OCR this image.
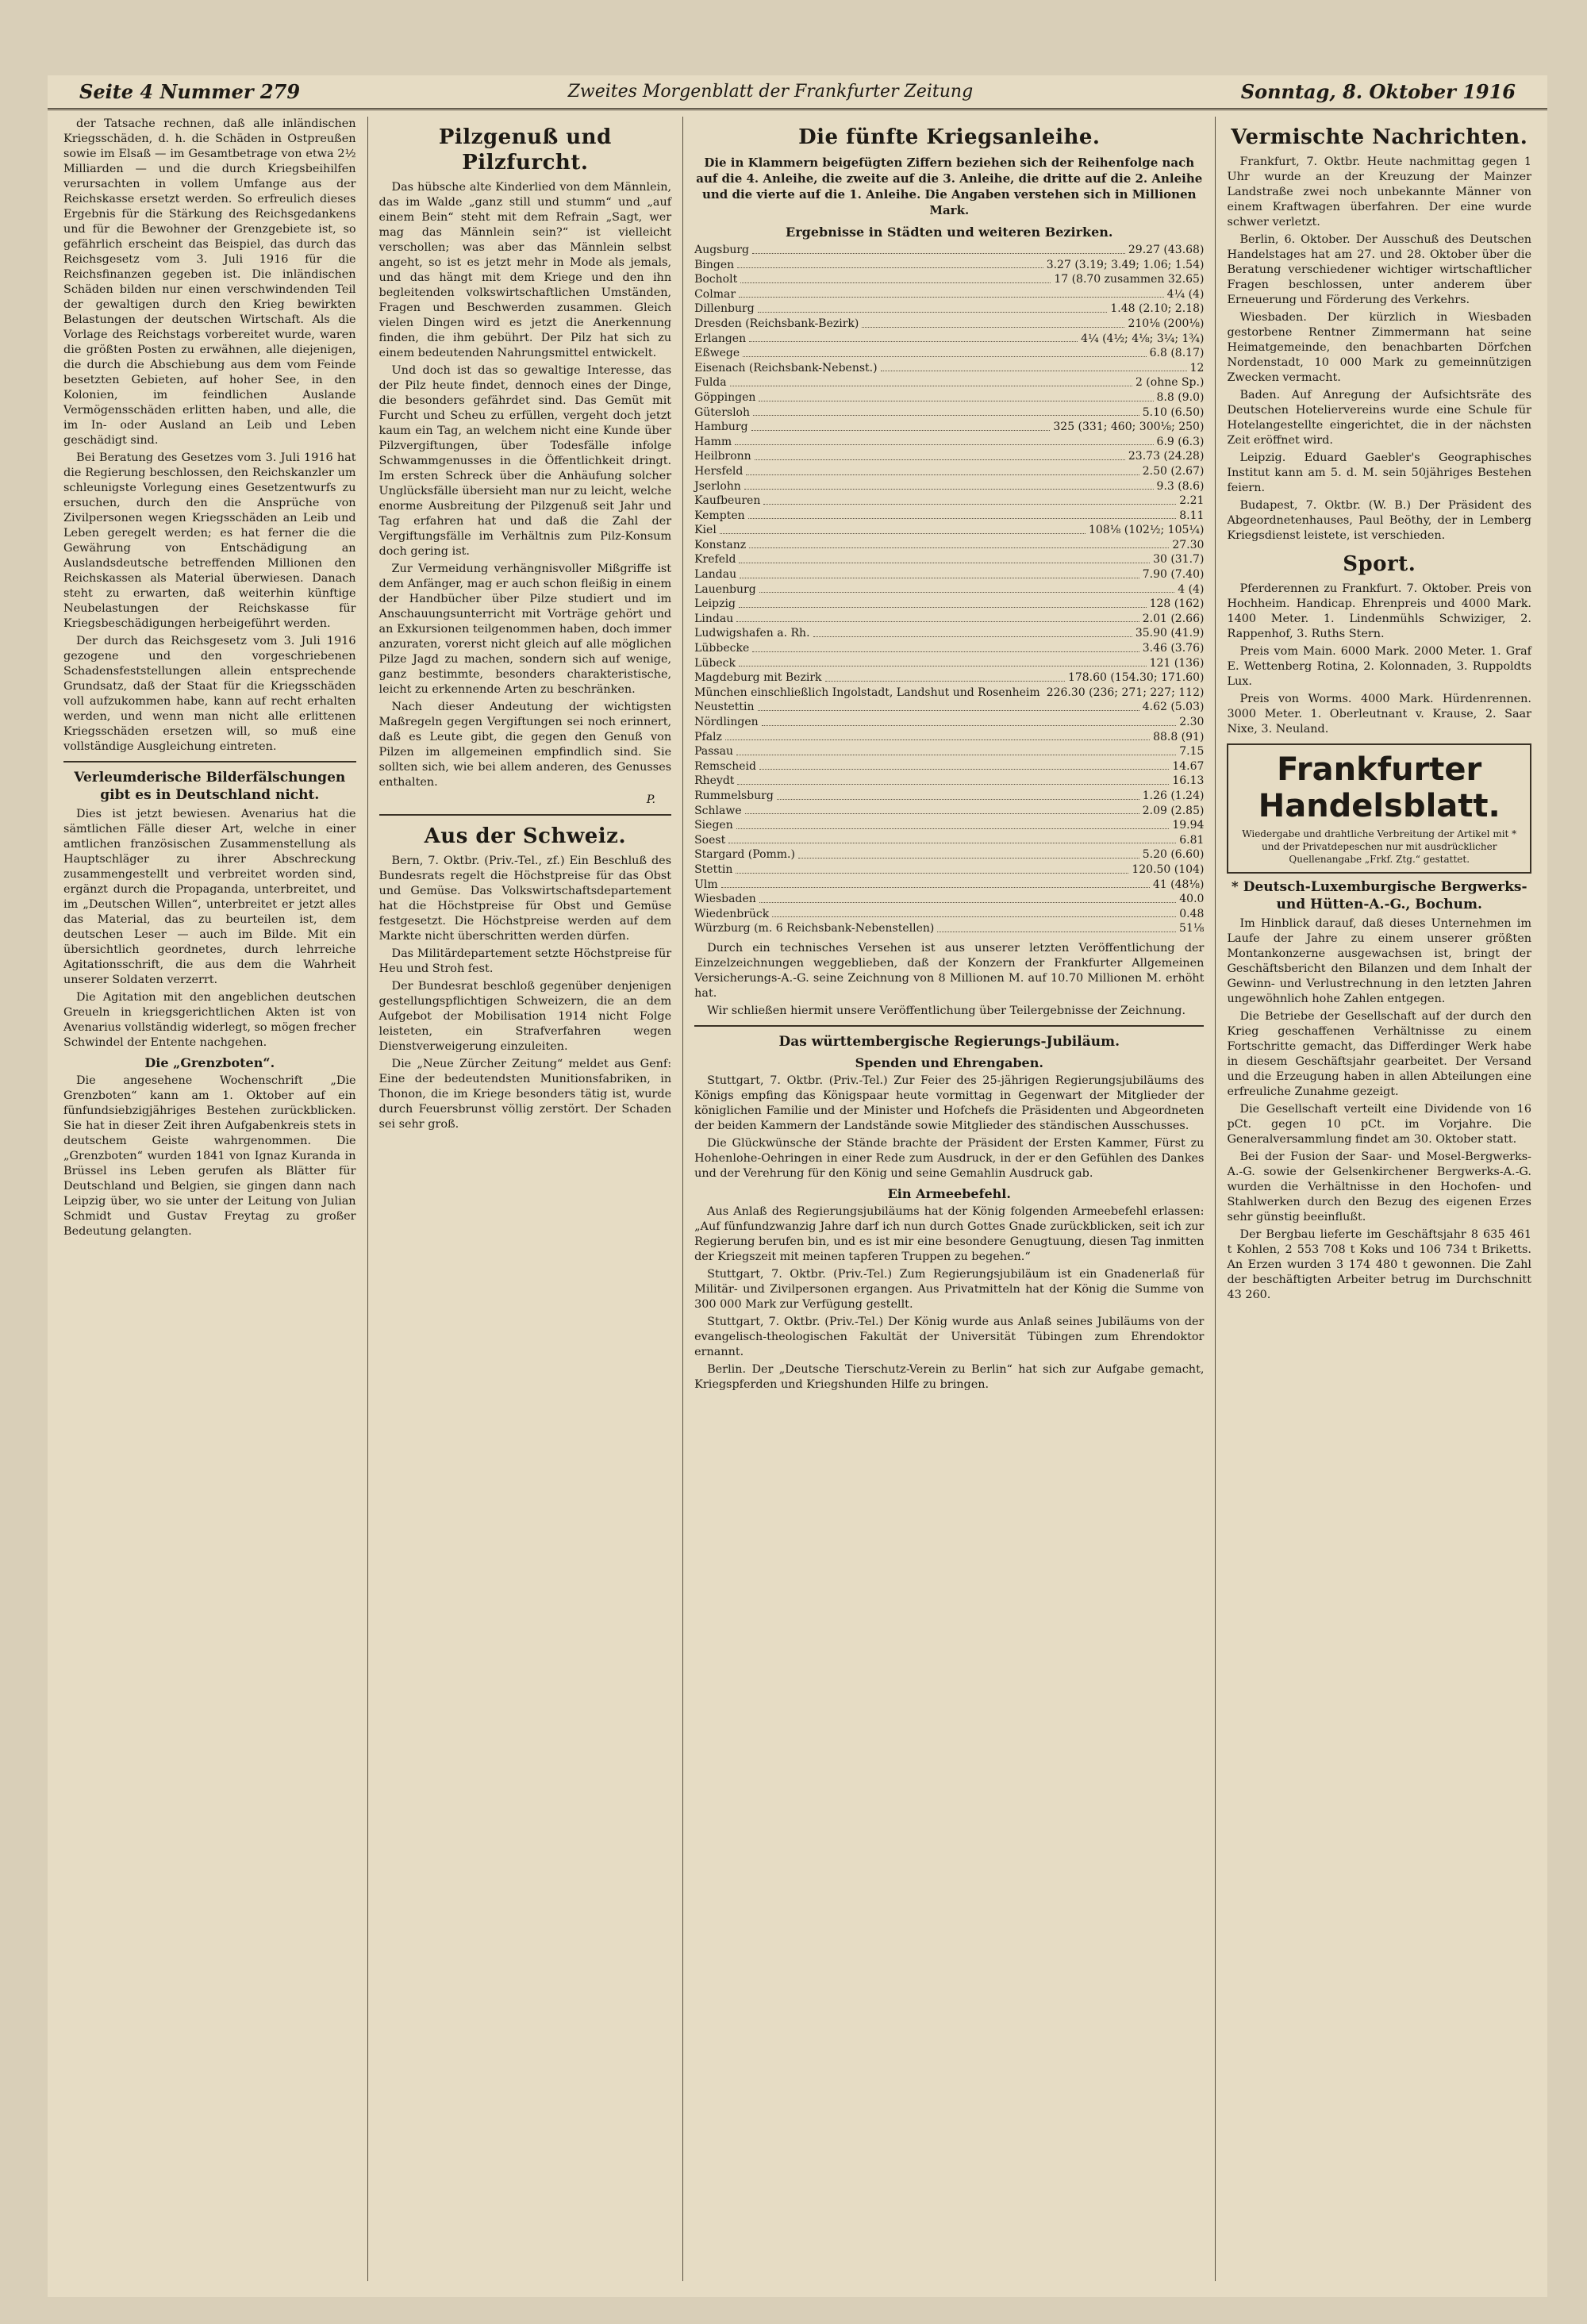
Seite 4 Nummer 279	Zweites Morgenblatt der Frankfurter Zeitung	Sonntag, 8. Oktober 1916

der Tatsache rechnen, daß alle inländischen Kriegsschäden, d. h. die Schäden in Ostpreußen sowie im Elsaß — im Gesamtbetrage von etwa 2½ Milliarden — und die durch Kriegsbeihilfen verursachten in vollem Umfange aus der Reichskasse ersetzt werden. So erfreulich dieses Ergebnis für die Stärkung des Reichsgedankens und für die Bewohner der Grenzgebiete ist, so gefährlich erscheint das Beispiel, das durch das Reichsgesetz vom 3. Juli 1916 für die Reichsfinanzen gegeben ist. Die inländischen Schäden bilden nur einen verschwindenden Teil der gewaltigen durch den Krieg bewirkten Belastungen der deutschen Wirtschaft. Als die Vorlage des Reichstags vorbereitet wurde, waren die größten Posten zu erwähnen, alle diejenigen, die durch die Abschiebung aus dem vom Feinde besetzten Gebieten, auf hoher See, in den Kolonien, im feindlichen Auslande Vermögensschäden erlitten haben, und alle, die im In- oder Ausland an Leib und Leben geschädigt sind.

Bei Beratung des Gesetzes vom 3. Juli 1916 hat die Regierung beschlossen, den Reichskanzler um schleunigste Vorlegung eines Gesetzentwurfs zu ersuchen, durch den die Ansprüche von Zivilpersonen wegen Kriegsschäden an Leib und Leben geregelt werden; es hat ferner die die Gewährung von Entschädigung an Auslandsdeutsche betreffenden Millionen den Reichskassen als Material überwiesen. Danach steht zu erwarten, daß weiterhin künftige Neubelastungen der Reichskasse für Kriegsbeschädigungen herbeigeführt werden.

Der durch das Reichsgesetz vom 3. Juli 1916 gezogene und den vorgeschriebenen Schadensfeststellungen allein entsprechende Grundsatz, daß der Staat für die Kriegsschäden voll aufzukommen habe, kann auf recht erhalten werden, und wenn man nicht alle erlittenen Kriegsschäden ersetzen will, so muß eine vollständige Ausgleichung eintreten.

Verleumderische Bilderfälschungen gibt es in Deutschland nicht.

Dies ist jetzt bewiesen. Avenarius hat die sämtlichen Fälle dieser Art, welche in einer amtlichen französischen Zusammenstellung als Hauptschläger zu ihrer Abschreckung zusammengestellt und verbreitet worden sind, ergänzt durch die Propaganda, unterbreitet, und im „Deutschen Willen“, unterbreitet er jetzt alles das Material, das zu beurteilen ist, dem deutschen Leser — auch im Bilde. Mit ein übersichtlich geordnetes, durch lehrreiche Agitationsschrift, die aus dem die Wahrheit unserer Soldaten verzerrt.

Die Agitation mit den angeblichen deutschen Greueln in kriegsgerichtlichen Akten ist von Avenarius vollständig widerlegt, so mögen frecher Schwindel der Entente nachgehen.

Die „Grenzboten“.

Die angesehene Wochenschrift „Die Grenzboten“ kann am 1. Oktober auf ein fünfundsiebzigjähriges Bestehen zurückblicken. Sie hat in dieser Zeit ihren Aufgabenkreis stets in deutschem Geiste wahrgenommen. Die „Grenzboten“ wurden 1841 von Ignaz Kuranda in Brüssel ins Leben gerufen als Blätter für Deutschland und Belgien, sie gingen dann nach Leipzig über, wo sie unter der Leitung von Julian Schmidt und Gustav Freytag zu großer Bedeutung gelangten.

Pilzgenuß und Pilzfurcht.

Das hübsche alte Kinderlied von dem Männlein, das im Walde „ganz still und stumm“ und „auf einem Bein“ steht mit dem Refrain „Sagt, wer mag das Männlein sein?“ ist vielleicht verschollen; was aber das Männlein selbst angeht, so ist es jetzt mehr in Mode als jemals, und das hängt mit dem Kriege und den ihn begleitenden volkswirtschaftlichen Umständen, Fragen und Beschwerden zusammen. Gleich vielen Dingen wird es jetzt die Anerkennung finden, die ihm gebührt. Der Pilz hat sich zu einem bedeutenden Nahrungsmittel entwickelt.

Und doch ist das so gewaltige Interesse, das der Pilz heute findet, dennoch eines der Dinge, die besonders gefährdet sind. Das Gemüt mit Furcht und Scheu zu erfüllen, vergeht doch jetzt kaum ein Tag, an welchem nicht eine Kunde über Pilzvergiftungen, über Todesfälle infolge Schwammgenusses in die Öffentlichkeit dringt. Im ersten Schreck über die Anhäufung solcher Unglücksfälle übersieht man nur zu leicht, welche enorme Ausbreitung der Pilzgenuß seit Jahr und Tag erfahren hat und daß die Zahl der Vergiftungsfälle im Verhältnis zum Pilz-Konsum doch gering ist.

Zur Vermeidung verhängnisvoller Mißgriffe ist dem Anfänger, mag er auch schon fleißig in einem der Handbücher über Pilze studiert und im Anschauungsunterricht mit Vorträge gehört und an Exkursionen teilgenommen haben, doch immer anzuraten, vorerst nicht gleich auf alle möglichen Pilze Jagd zu machen, sondern sich auf wenige, ganz bestimmte, besonders charakteristische, leicht zu erkennende Arten zu beschränken.

Nach dieser Andeutung der wichtigsten Maßregeln gegen Vergiftungen sei noch erinnert, daß es Leute gibt, die gegen den Genuß von Pilzen im allgemeinen empfindlich sind. Sie sollten sich, wie bei allem anderen, des Genusses enthalten.

P.
Aus der Schweiz.

Bern, 7. Oktbr. (Priv.-Tel., zf.) Ein Beschluß des Bundesrats regelt die Höchstpreise für das Obst und Gemüse. Das Volkswirtschaftsdepartement hat die Höchstpreise für Obst und Gemüse festgesetzt. Die Höchstpreise werden auf dem Markte nicht überschritten werden dürfen.

Das Militärdepartement setzte Höchstpreise für Heu und Stroh fest.

Der Bundesrat beschloß gegenüber denjenigen gestellungspflichtigen Schweizern, die an dem Aufgebot der Mobilisation 1914 nicht Folge leisteten, ein Strafverfahren wegen Dienstverweigerung einzuleiten.

Die „Neue Zürcher Zeitung“ meldet aus Genf: Eine der bedeutendsten Munitionsfabriken, in Thonon, die im Kriege besonders tätig ist, wurde durch Feuersbrunst völlig zerstört. Der Schaden sei sehr groß.

Die fünfte Kriegsanleihe.
Die in Klammern beigefügten Ziffern beziehen sich der Reihenfolge nach auf die 4. Anleihe, die zweite auf die 3. Anleihe, die dritte auf die 2. Anleihe und die vierte auf die 1. Anleihe. Die Angaben verstehen sich in Millionen Mark.
Ergebnisse in Städten und weiteren Bezirken.
Augsburg	29.27 (43.68)
Bingen	3.27 (3.19; 3.49; 1.06; 1.54)
Bocholt	17 (8.70 zusammen 32.65)
Colmar	4¼ (4)
Dillenburg	1.48 (2.10; 2.18)
Dresden (Reichsbank-Bezirk)	210⅛ (200⅛)
Erlangen	4¼ (4½; 4⅛; 3¼; 1¾)
Eßwege	6.8 (8.17)
Eisenach (Reichsbank-Nebenst.)	12
Fulda	2 (ohne Sp.)
Göppingen	8.8 (9.0)
Gütersloh	5.10 (6.50)
Hamburg	325 (331; 460; 300⅛; 250)
Hamm	6.9 (6.3)
Heilbronn	23.73 (24.28)
Hersfeld	2.50 (2.67)
Jserlohn	9.3 (8.6)
Kaufbeuren	2.21
Kempten	8.11
Kiel	108⅛ (102½; 105¼)
Konstanz	27.30
Krefeld	30 (31.7)
Landau	7.90 (7.40)
Lauenburg	4 (4)
Leipzig	128 (162)
Lindau	2.01 (2.66)
Ludwigshafen a. Rh.	35.90 (41.9)
Lübbecke	3.46 (3.76)
Lübeck	121 (136)
Magdeburg mit Bezirk	178.60 (154.30; 171.60)
München einschließlich Ingolstadt, Landshut und Rosenheim 226.30 (236; 271; 227; 112)
Neustettin	4.62 (5.03)
Nördlingen	2.30
Pfalz	88.8 (91)
Passau	7.15
Remscheid	14.67
Rheydt	16.13
Rummelsburg	1.26 (1.24)
Schlawe	2.09 (2.85)
Siegen	19.94
Soest	6.81
Stargard (Pomm.)	5.20 (6.60)
Stettin	120.50 (104)
Ulm	41 (48⅛)
Wiesbaden	40.0
Wiedenbrück	0.48
Würzburg (m. 6 Reichsbank-Nebenstellen)	51⅛

Durch ein technisches Versehen ist aus unserer letzten Veröffentlichung der Einzelzeichnungen weggeblieben, daß der Konzern der Frankfurter Allgemeinen Versicherungs-A.-G. seine Zeichnung von 8 Millionen M. auf 10.70 Millionen M. erhöht hat.

Wir schließen hiermit unsere Veröffentlichung über Teilergebnisse der Zeichnung.

Das württembergische Regierungs-Jubiläum.
Spenden und Ehrengaben.

Stuttgart, 7. Oktbr. (Priv.-Tel.) Zur Feier des 25-jährigen Regierungsjubiläums des Königs empfing das Königspaar heute vormittag in Gegenwart der Mitglieder der königlichen Familie und der Minister und Hofchefs die Präsidenten und Abgeordneten der beiden Kammern der Landstände sowie Mitglieder des ständischen Ausschusses.

Die Glückwünsche der Stände brachte der Präsident der Ersten Kammer, Fürst zu Hohenlohe-Oehringen in einer Rede zum Ausdruck, in der er den Gefühlen des Dankes und der Verehrung für den König und seine Gemahlin Ausdruck gab.

Ein Armeebefehl.

Aus Anlaß des Regierungsjubiläums hat der König folgenden Armeebefehl erlassen: „Auf fünfundzwanzig Jahre darf ich nun durch Gottes Gnade zurückblicken, seit ich zur Regierung berufen bin, und es ist mir eine besondere Genugtuung, diesen Tag inmitten der Kriegszeit mit meinen tapferen Truppen zu begehen.“

Stuttgart, 7. Oktbr. (Priv.-Tel.) Zum Regierungsjubiläum ist ein Gnadenerlaß für Militär- und Zivilpersonen ergangen. Aus Privatmitteln hat der König die Summe von 300 000 Mark zur Verfügung gestellt.

Stuttgart, 7. Oktbr. (Priv.-Tel.) Der König wurde aus Anlaß seines Jubiläums von der evangelisch-theologischen Fakultät der Universität Tübingen zum Ehrendoktor ernannt.

Berlin. Der „Deutsche Tierschutz-Verein zu Berlin“ hat sich zur Aufgabe gemacht, Kriegspferden und Kriegshunden Hilfe zu bringen.

Vermischte Nachrichten.

Frankfurt, 7. Oktbr. Heute nachmittag gegen 1 Uhr wurde an der Kreuzung der Mainzer Landstraße zwei noch unbekannte Männer von einem Kraftwagen überfahren. Der eine wurde schwer verletzt.

Berlin, 6. Oktober. Der Ausschuß des Deutschen Handelstages hat am 27. und 28. Oktober über die Beratung verschiedener wichtiger wirtschaftlicher Fragen beschlossen, unter anderem über Erneuerung und Förderung des Verkehrs.

Wiesbaden. Der kürzlich in Wiesbaden gestorbene Rentner Zimmermann hat seine Heimatgemeinde, den benachbarten Dörfchen Nordenstadt, 10 000 Mark zu gemeinnützigen Zwecken vermacht.

Baden. Auf Anregung der Aufsichtsräte des Deutschen Hoteliervereins wurde eine Schule für Hotelangestellte eingerichtet, die in der nächsten Zeit eröffnet wird.

Leipzig. Eduard Gaebler's Geographisches Institut kann am 5. d. M. sein 50jähriges Bestehen feiern.

Budapest, 7. Oktbr. (W. B.) Der Präsident des Abgeordnetenhauses, Paul Beöthy, der in Lemberg Kriegsdienst leistete, ist verschieden.

Sport.

Pferderennen zu Frankfurt. 7. Oktober. Preis von Hochheim. Handicap. Ehrenpreis und 4000 Mark. 1400 Meter. 1. Lindenmühls Schwiziger, 2. Rappenhof, 3. Ruths Stern.

Preis vom Main. 6000 Mark. 2000 Meter. 1. Graf E. Wettenberg Rotina, 2. Kolonnaden, 3. Ruppoldts Lux.

Preis von Worms. 4000 Mark. Hürdenrennen. 3000 Meter. 1. Oberleutnant v. Krause, 2. Saar Nixe, 3. Neuland.

Frankfurter Handelsblatt.
Wiedergabe und drahtliche Verbreitung der Artikel mit * und der Privatdepeschen nur mit ausdrücklicher Quellenangabe „Frkf. Ztg.“ gestattet.
* Deutsch-Luxemburgische Bergwerks- und Hütten-A.-G., Bochum.

Im Hinblick darauf, daß dieses Unternehmen im Laufe der Jahre zu einem unserer größten Montankonzerne ausgewachsen ist, bringt der Geschäftsbericht den Bilanzen und dem Inhalt der Gewinn- und Verlustrechnung in den letzten Jahren ungewöhnlich hohe Zahlen entgegen.

Die Betriebe der Gesellschaft auf der durch den Krieg geschaffenen Verhältnisse zu einem Fortschritte gemacht, das Differdinger Werk habe in diesem Geschäftsjahr gearbeitet. Der Versand und die Erzeugung haben in allen Abteilungen eine erfreuliche Zunahme gezeigt.

Die Gesellschaft verteilt eine Dividende von 16 pCt. gegen 10 pCt. im Vorjahre. Die Generalversammlung findet am 30. Oktober statt.

Bei der Fusion der Saar- und Mosel-Bergwerks-A.-G. sowie der Gelsenkirchener Bergwerks-A.-G. wurden die Verhältnisse in den Hochofen- und Stahlwerken durch den Bezug des eigenen Erzes sehr günstig beeinflußt.

Der Bergbau lieferte im Geschäftsjahr 8 635 461 t Kohlen, 2 553 708 t Koks und 106 734 t Briketts. An Erzen wurden 3 174 480 t gewonnen. Die Zahl der beschäftigten Arbeiter betrug im Durchschnitt 43 260.
